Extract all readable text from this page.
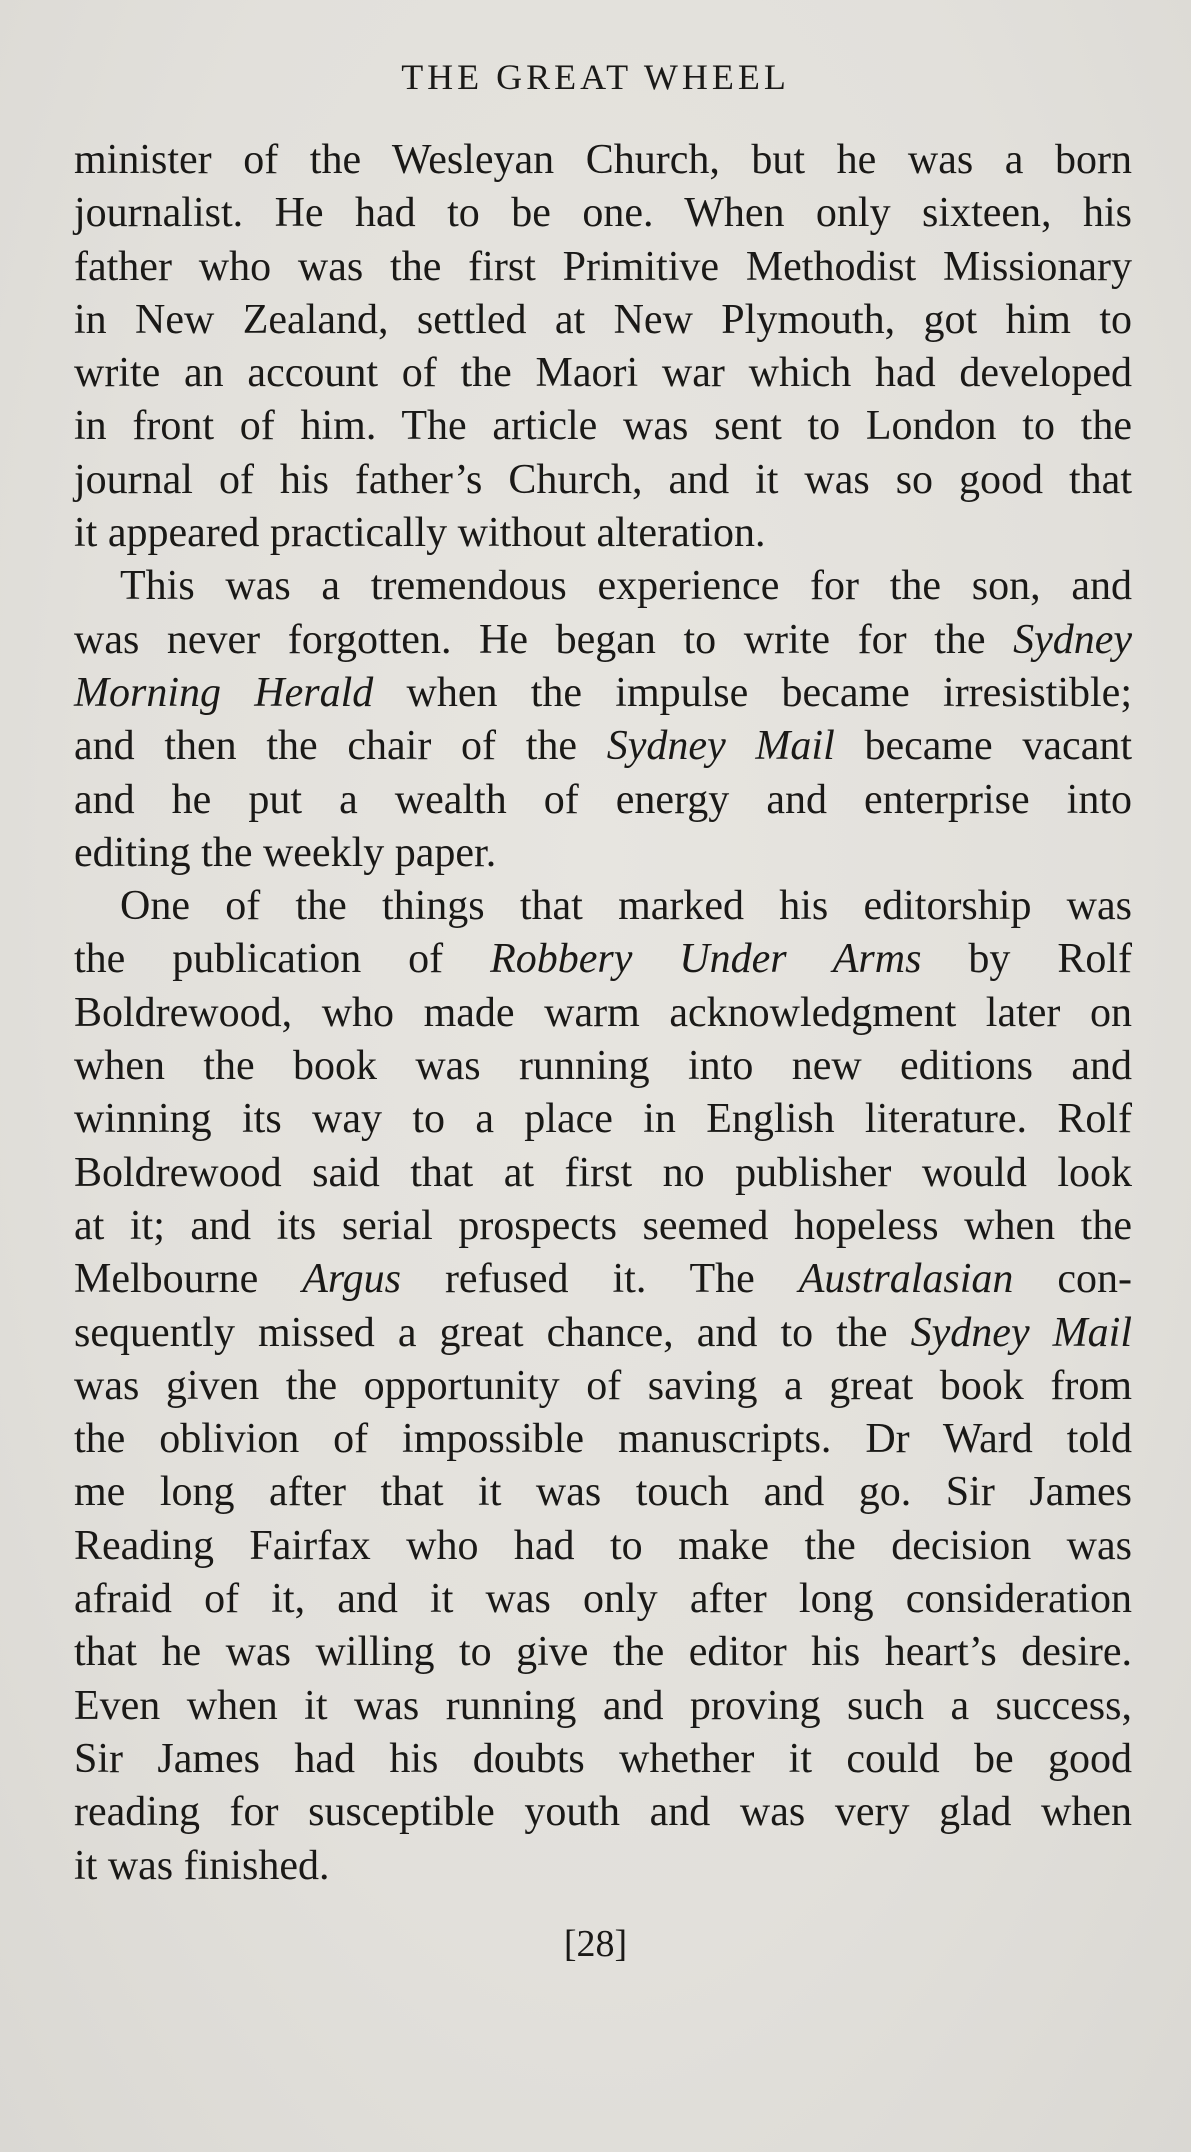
THE GREAT WHEEL
minister of the Wesleyan Church, but he was a born
journalist. He had to be one. When only sixteen, his
father who was the first Primitive Methodist Missionary
in New Zealand, settled at New Plymouth, got him to
write an account of the Maori war which had developed
in front of him. The article was sent to London to the
journal of his father’s Church, and it was so good that
it appeared practically without alteration.
This was a tremendous experience for the son, and
was never forgotten. He began to write for the Sydney
Morning Herald when the impulse became irresistible;
and then the chair of the Sydney Mail became vacant
and he put a wealth of energy and enterprise into
editing the weekly paper.
One of the things that marked his editorship was
the publication of Robbery Under Arms by Rolf
Boldrewood, who made warm acknowledgment later on
when the book was running into new editions and
winning its way to a place in English literature. Rolf
Boldrewood said that at first no publisher would look
at it; and its serial prospects seemed hopeless when the
Melbourne Argus refused it. The Australasian con-
sequently missed a great chance, and to the Sydney Mail
was given the opportunity of saving a great book from
the oblivion of impossible manuscripts. Dr Ward told
me long after that it was touch and go. Sir James
Reading Fairfax who had to make the decision was
afraid of it, and it was only after long consideration
that he was willing to give the editor his heart’s desire.
Even when it was running and proving such a success,
Sir James had his doubts whether it could be good
reading for susceptible youth and was very glad when
it was finished.
[28]
